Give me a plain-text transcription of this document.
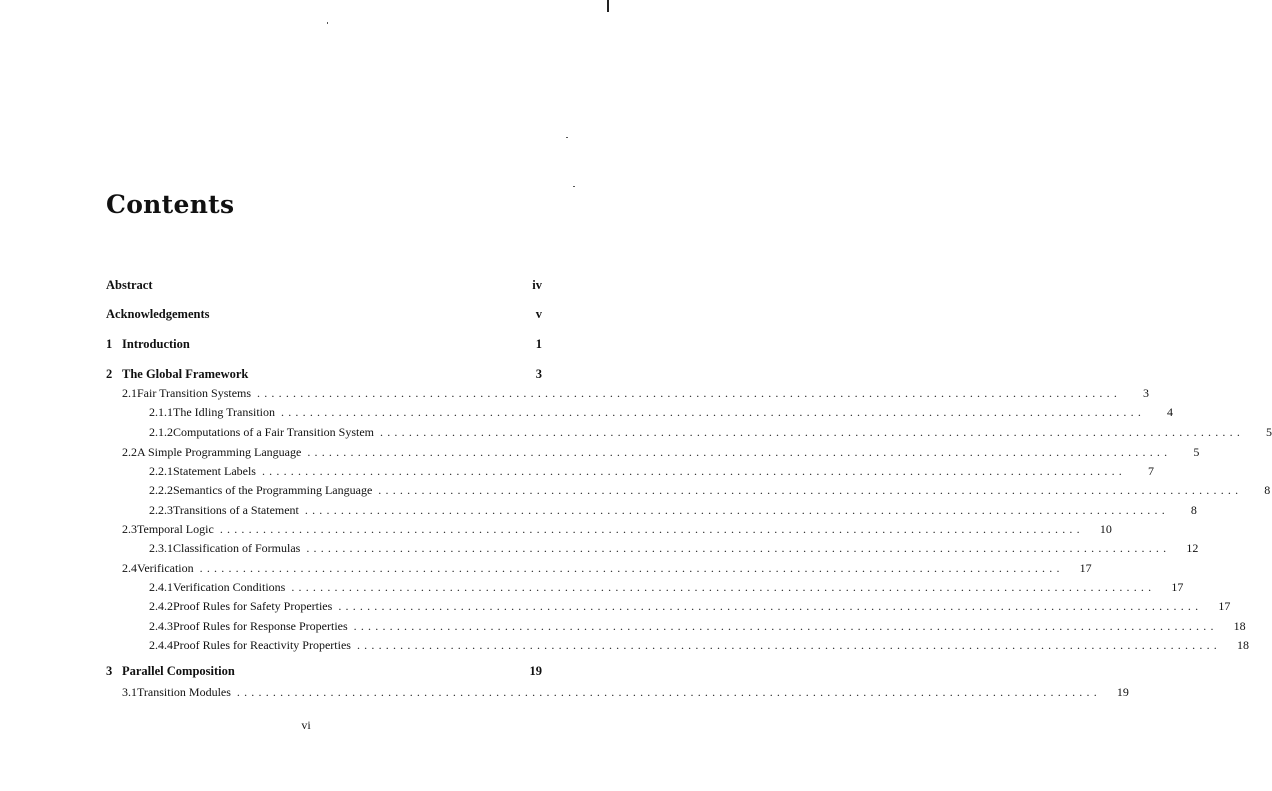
Contents
Abstract	iv
Acknowledgements	v
1 Introduction	1
2 The Global Framework	3
2.1 Fair Transition Systems ........................................................................................................................	3
2.1.1 The Idling Transition ........................................................................................................................	4
2.1.2 Computations of a Fair Transition System ........................................................................................................................	5
2.2 A Simple Programming Language ........................................................................................................................	5
2.2.1 Statement Labels ........................................................................................................................	7
2.2.2 Semantics of the Programming Language ........................................................................................................................	8
2.2.3 Transitions of a Statement ........................................................................................................................	8
2.3 Temporal Logic ........................................................................................................................	10
2.3.1 Classification of Formulas ........................................................................................................................	12
2.4 Verification ........................................................................................................................	17
2.4.1 Verification Conditions ........................................................................................................................	17
2.4.2 Proof Rules for Safety Properties ........................................................................................................................	17
2.4.3 Proof Rules for Response Properties ........................................................................................................................	18
2.4.4 Proof Rules for Reactivity Properties ........................................................................................................................	18
3 Parallel Composition	19
3.1 Transition Modules ........................................................................................................................	19
vi
